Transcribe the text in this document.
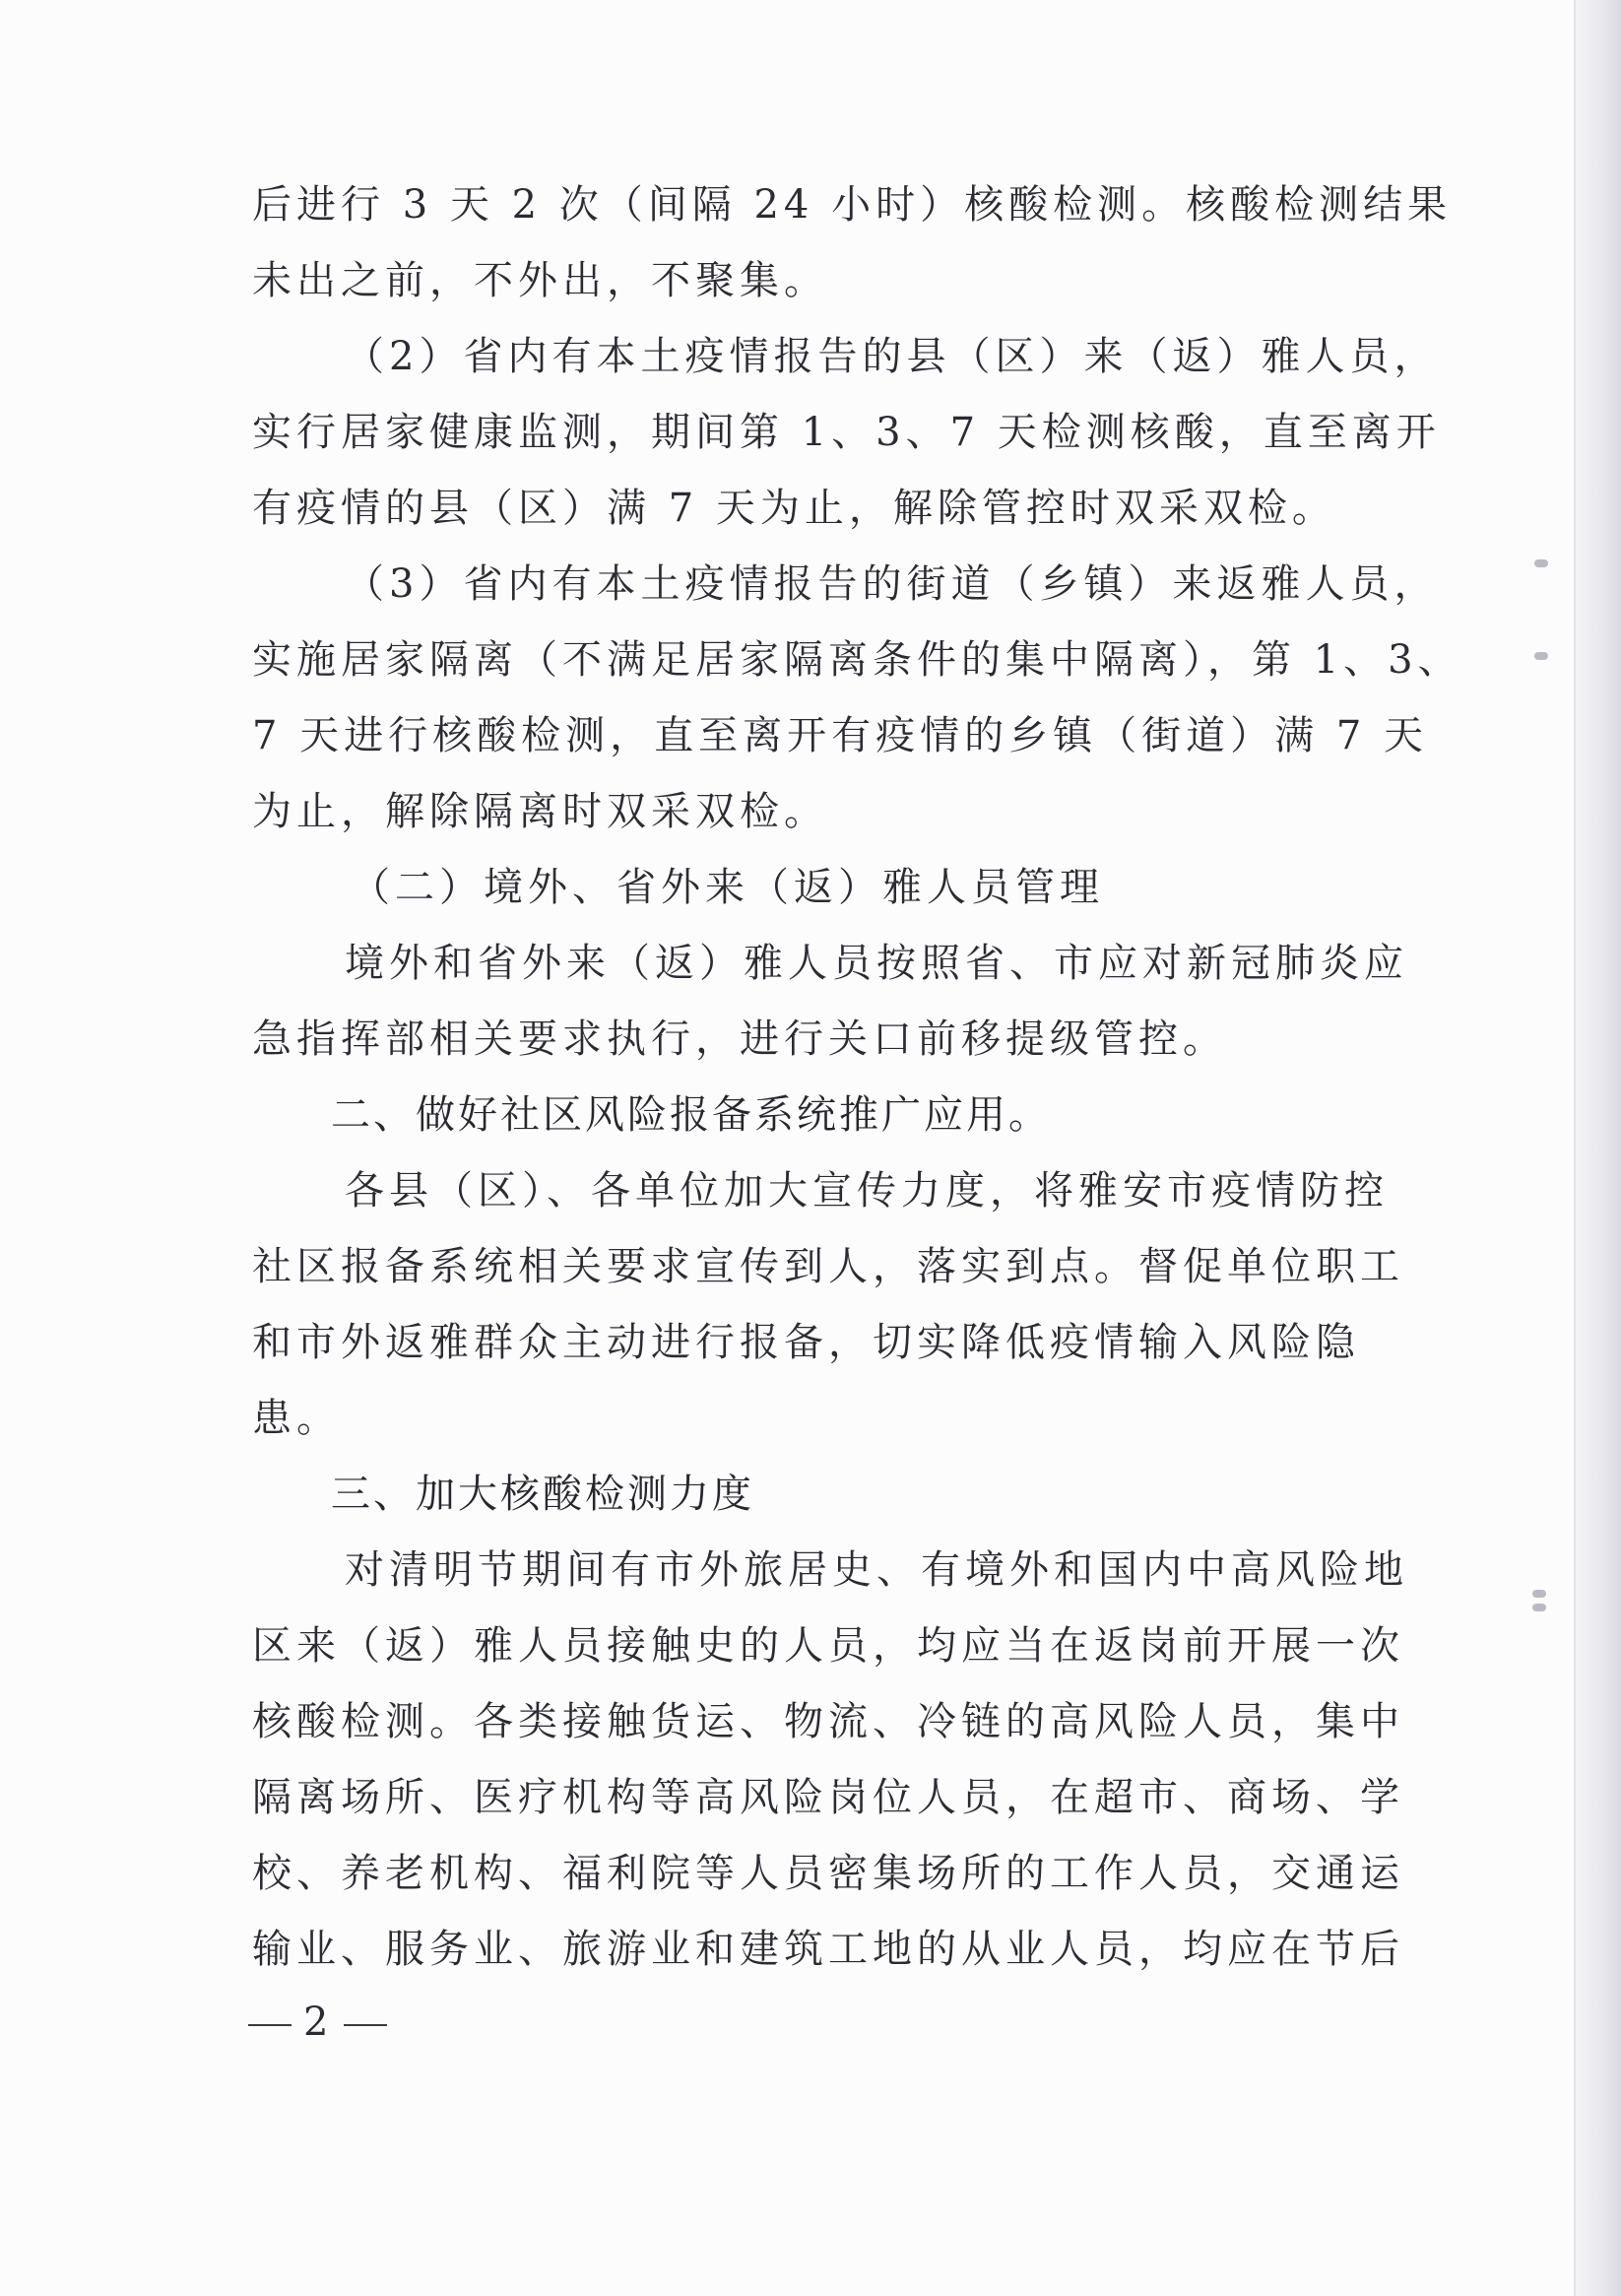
后进行 3 天 2 次（间隔 24 小时）核酸检测。核酸检测结果
未出之前，不外出，不聚集。
（2）省内有本土疫情报告的县（区）来（返）雅人员，
实行居家健康监测，期间第 1、3、7 天检测核酸，直至离开
有疫情的县（区）满 7 天为止，解除管控时双采双检。
（3）省内有本土疫情报告的街道（乡镇）来返雅人员，
实施居家隔离（不满足居家隔离条件的集中隔离），第 1、3、
7 天进行核酸检测，直至离开有疫情的乡镇（街道）满 7 天
为止，解除隔离时双采双检。
（二）境外、省外来（返）雅人员管理
境外和省外来（返）雅人员按照省、市应对新冠肺炎应
急指挥部相关要求执行，进行关口前移提级管控。
二、做好社区风险报备系统推广应用。
各县（区）、各单位加大宣传力度，将雅安市疫情防控
社区报备系统相关要求宣传到人，落实到点。督促单位职工
和市外返雅群众主动进行报备，切实降低疫情输入风险隐
患。
三、加大核酸检测力度
对清明节期间有市外旅居史、有境外和国内中高风险地
区来（返）雅人员接触史的人员，均应当在返岗前开展一次
核酸检测。各类接触货运、物流、冷链的高风险人员，集中
隔离场所、医疗机构等高风险岗位人员，在超市、商场、学
校、养老机构、福利院等人员密集场所的工作人员，交通运
输业、服务业、旅游业和建筑工地的从业人员，均应在节后
2
